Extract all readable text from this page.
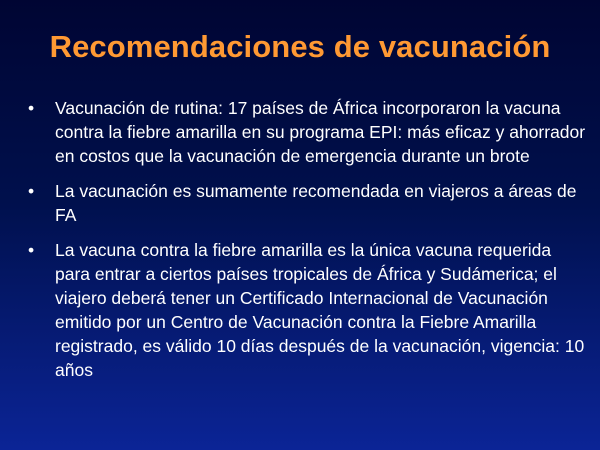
Recomendaciones de vacunación
•	Vacunación de rutina: 17 países de África incorporaron la vacuna contra la fiebre amarilla en su programa EPI: más eficaz y ahorrador en costos que la vacunación de emergencia durante un brote
•	La vacunación es sumamente recomendada en viajeros a áreas de FA
•	La vacuna contra la fiebre amarilla es la única vacuna requerida para entrar a ciertos países tropicales de África y Sudámerica; el viajero deberá tener un Certificado Internacional de Vacunación emitido por un Centro de Vacunación contra la Fiebre Amarilla registrado, es válido 10 días después de la vacunación, vigencia: 10 años
